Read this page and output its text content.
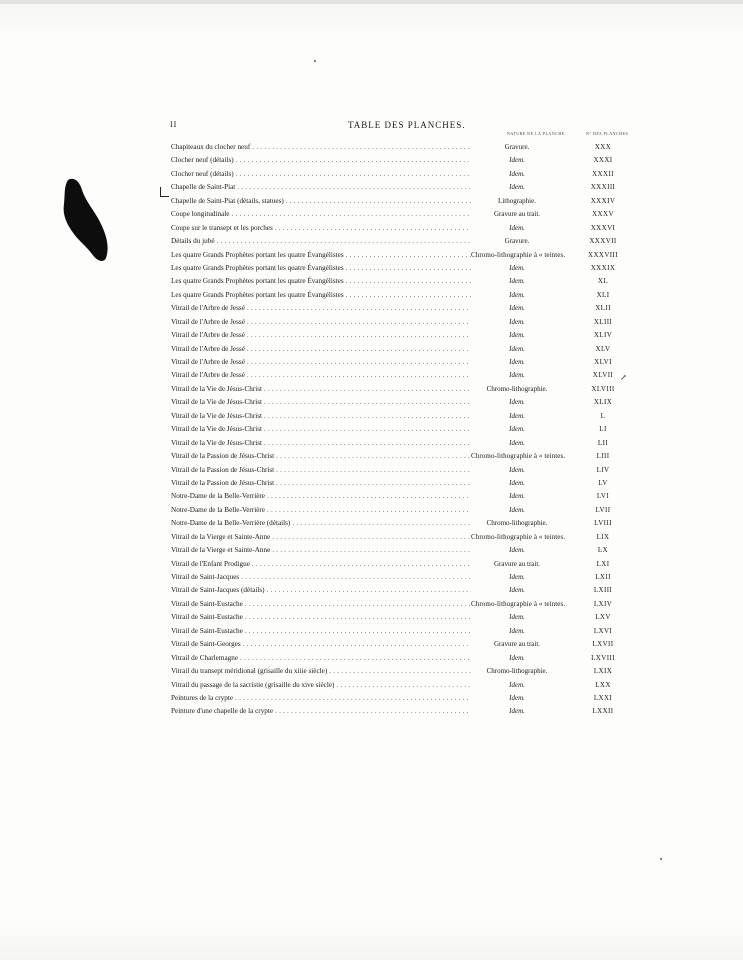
II	TABLE DES PLANCHES.
NATURE DE LA PLANCHE	N° DES PLANCHES
↗
Chapiteaux du clocher neuf . . .	Gravure.	XXX
Clocher neuf (détails) . . .	Idem.	XXXI
Clocher neuf (détails) . . .	Idem.	XXXII
Chapelle de Saint-Piat . . .	Idem.	XXXIII
Chapelle de Saint-Piat (détails, statues) . . .	Lithographie.	XXXIV
Coupe longitudinale . . .	Gravure au trait.	XXXV
Coupe sur le transept et les porches . . .	Idem.	XXXVI
Détails du jubé . . .	Gravure.	XXXVII
Les quatre Grands Prophètes portant les quatre Évangélistes . . .	Chromo-lithographie à « teintes.	XXXVIII
Les quatre Grands Prophètes portant les quatre Évangélistes . . .	Idem.	XXXIX
Les quatre Grands Prophètes portant les quatre Évangélistes . . .	Idem.	XL
Les quatre Grands Prophètes portant les quatre Évangélistes . . .	Idem.	XLI
Vitrail de l'Arbre de Jessé . . .	Idem.	XLII
Vitrail de l'Arbre de Jessé . . .	Idem.	XLIII
Vitrail de l'Arbre de Jessé . . .	Idem.	XLIV
Vitrail de l'Arbre de Jessé . . .	Idem.	XLV
Vitrail de l'Arbre de Jessé . . .	Idem.	XLVI
Vitrail de l'Arbre de Jessé . . .	Idem.	XLVII
Vitrail de la Vie de Jésus-Christ . . .	Chromo-lithographie.	XLVIII
Vitrail de la Vie de Jésus-Christ . . .	Idem.	XLIX
Vitrail de la Vie de Jésus-Christ . . .	Idem.	L
Vitrail de la Vie de Jésus-Christ . . .	Idem.	LI
Vitrail de la Vie de Jésus-Christ . . .	Idem.	LII
Vitrail de la Passion de Jésus-Christ . . .	Chromo-lithographie à « teintes.	LIII
Vitrail de la Passion de Jésus-Christ . . .	Idem.	LIV
Vitrail de la Passion de Jésus-Christ . . .	Idem.	LV
Notre-Dame de la Belle-Verrière . . .	Idem.	LVI
Notre-Dame de la Belle-Verrière . . .	Idem.	LVII
Notre-Dame de la Belle-Verrière (détails) . . .	Chromo-lithographie.	LVIII
Vitrail de la Vierge et Sainte-Anne . . .	Chromo-lithographie à « teintes.	LIX
Vitrail de la Vierge et Sainte-Anne . . .	Idem.	LX
Vitrail de l'Enfant Prodigue . . .	Gravure au trait.	LXI
Vitrail de Saint-Jacques . . .	Idem.	LXII
Vitrail de Saint-Jacques (détails) . . .	Idem.	LXIII
Vitrail de Saint-Eustache . . .	Chromo-lithographie à « teintes.	LXIV
Vitrail de Saint-Eustache . . .	Idem.	LXV
Vitrail de Saint-Eustache . . .	Idem.	LXVI
Vitrail de Saint-Georges . . .	Gravure au trait.	LXVII
Vitrail de Charlemagne . . .	Idem.	LXVIII
Vitrail du transept méridional (grisaille du xiiie siècle) . . .	Chromo-lithographie.	LXIX
Vitrail du passage de la sacristie (grisaille du xive siècle) . . .	Idem.	LXX
Peintures de la crypte . . .	Idem.	LXXI
Peinture d'une chapelle de la crypte . . .	Idem.	LXXII
